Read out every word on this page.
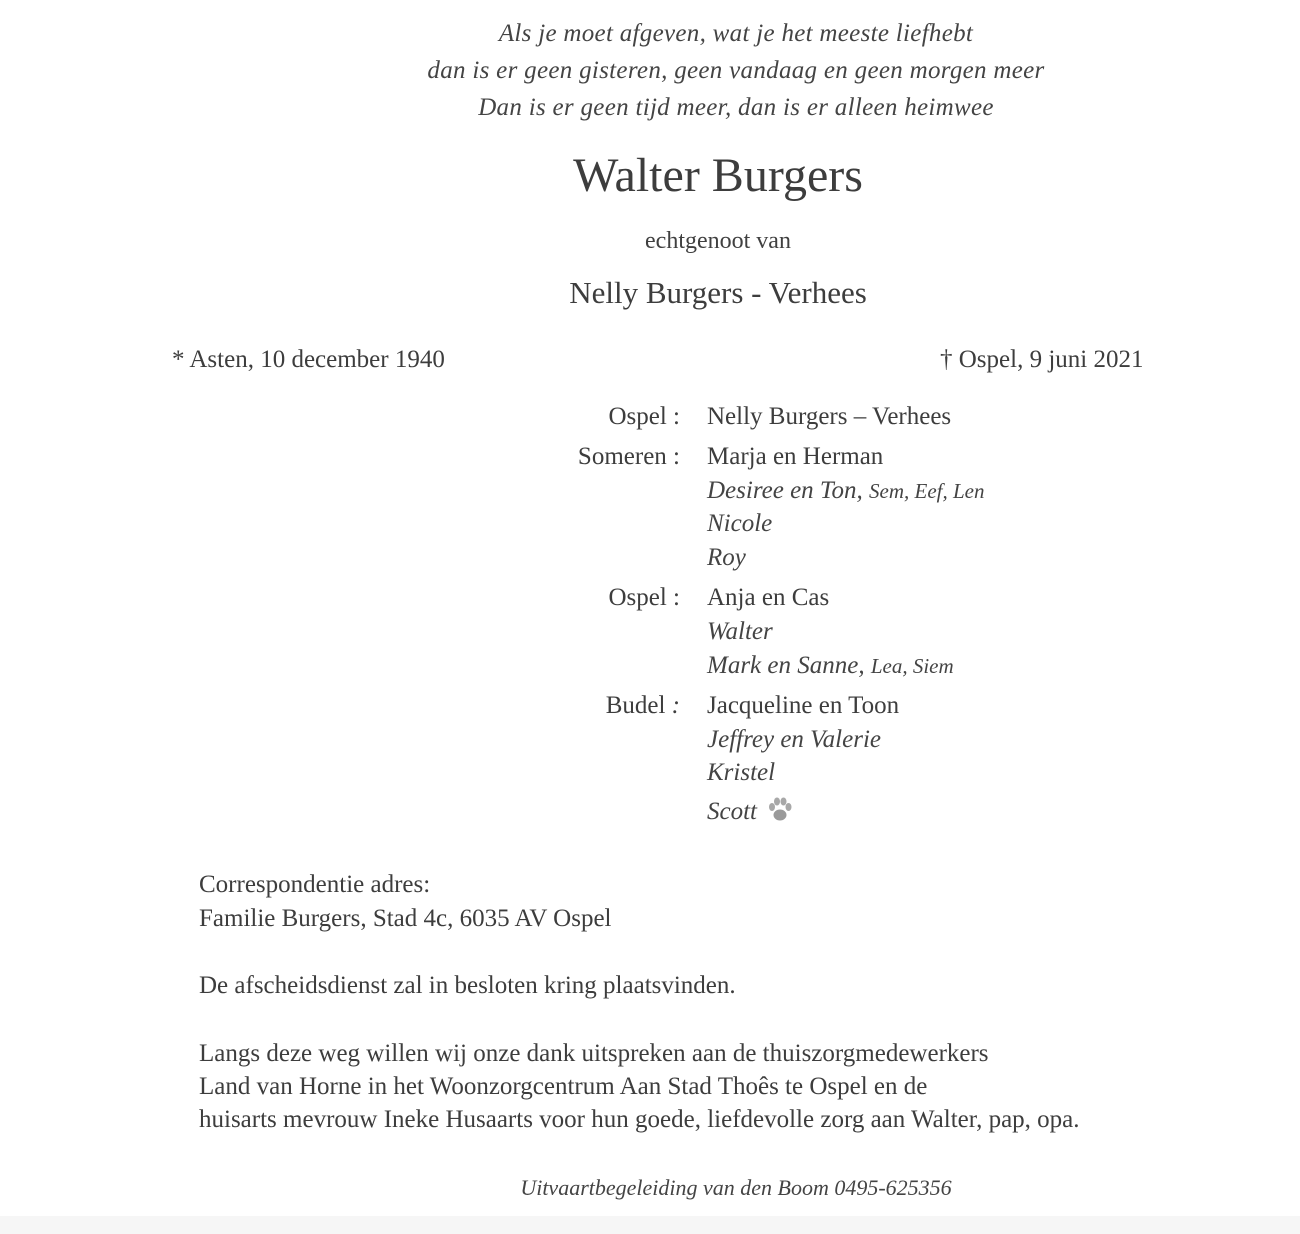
Als je moet afgeven, wat je het meeste liefhebt
dan is er geen gisteren, geen vandaag en geen morgen meer
Dan is er geen tijd meer, dan is er alleen heimwee
Walter Burgers
echtgenoot van
Nelly Burgers - Verhees
* Asten, 10 december 1940	† Ospel, 9 juni 2021
Ospel : Nelly Burgers – Verhees
Someren : Marja en Herman
Desiree en Ton, Sem, Eef, Len
Nicole
Roy
Ospel : Anja en Cas
Walter
Mark en Sanne, Lea, Siem
Budel : Jacqueline en Toon
Jeffrey en Valerie
Kristel
Scott
Correspondentie adres:
Familie Burgers, Stad 4c, 6035 AV Ospel
De afscheidsdienst zal in besloten kring plaatsvinden.
Langs deze weg willen wij onze dank uitspreken aan de thuiszorgmedewerkers
Land van Horne in het Woonzorgcentrum Aan Stad Thoês te Ospel en de
huisarts mevrouw Ineke Husaarts voor hun goede, liefdevolle zorg aan Walter, pap, opa.
Uitvaartbegeleiding van den Boom 0495-625356
